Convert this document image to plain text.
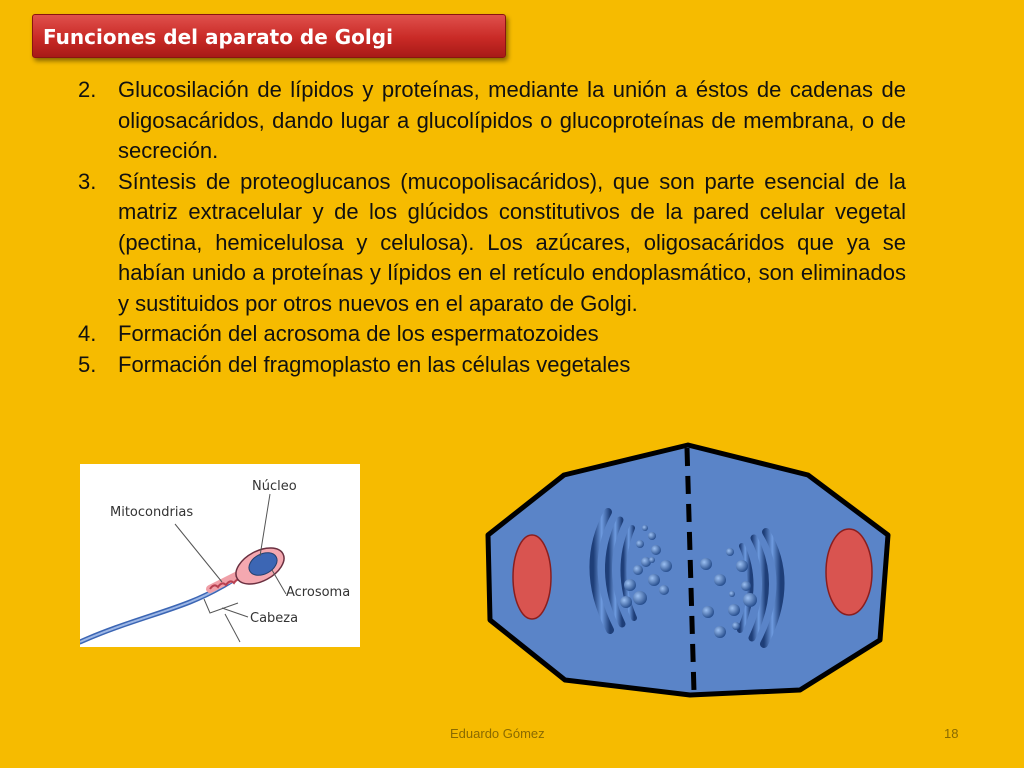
Funciones del aparato de Golgi
2. Glucosilación de lípidos y proteínas, mediante la unión a éstos de cadenas de oligosacáridos, dando lugar a glucolípidos o glucoproteínas de membrana, o de secreción.
3. Síntesis de proteoglucanos (mucopolisacáridos), que son parte esencial de la matriz extracelular y de los glúcidos constitutivos de la pared celular vegetal (pectina, hemicelulosa y celulosa). Los azúcares, oligosacáridos que ya se habían unido a proteínas y lípidos en el retículo endoplasmático, son eliminados y sustituidos por otros nuevos en el aparato de Golgi.
4. Formación del acrosoma de los espermatozoides
5. Formación del fragmoplasto en las células vegetales
Núcleo
Mitocondrias
Acrosoma
Cabeza
Eduardo Gómez	18
